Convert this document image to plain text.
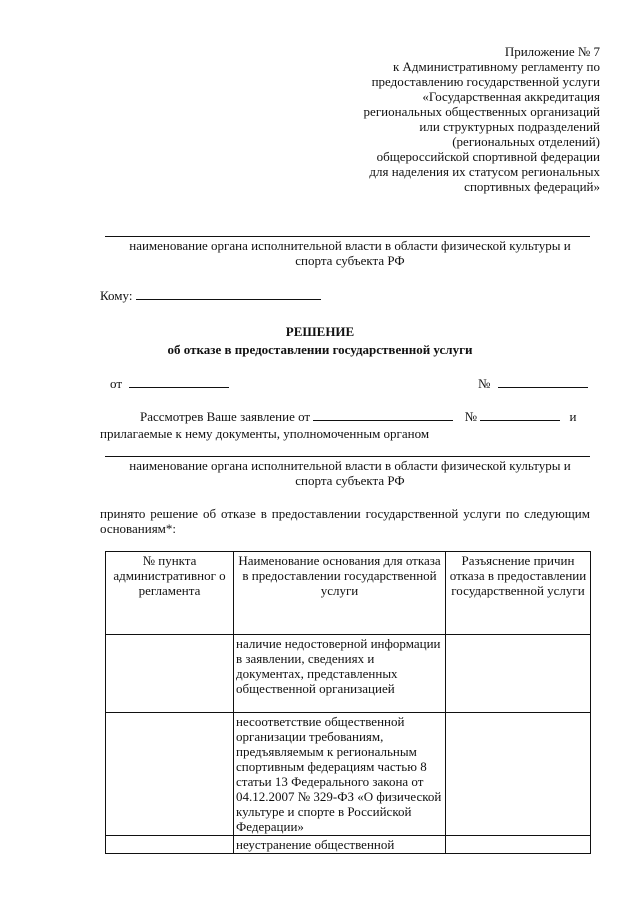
Приложение № 7
к Административному регламенту по
предоставлению государственной услуги
«Государственная аккредитация
региональных общественных организаций
или структурных подразделений
(региональных отделений)
общероссийской спортивной федерации
для наделения их статусом региональных
спортивных федераций»
наименование органа исполнительной власти в области физической культуры и
спорта субъекта РФ
Кому:
РЕШЕНИЕ
об отказе в предоставлении государственной услуги
от	№
Рассмотрев Ваше заявление от	№	и
прилагаемые к нему документы, уполномоченным органом
наименование органа исполнительной власти в области физической культуры и
спорта субъекта РФ
принято решение об отказе в предоставлении государственной услуги по следующим основаниям*:
№ пункта административног о регламента	Наименование основания для отказа в предоставлении государственной услуги	Разъяснение причин отказа в предоставлении государственной услуги
	наличие недостоверной информации в заявлении, сведениях и документах, представленных общественной организацией	
	несоответствие общественной организации требованиям, предъявляемым к региональным спортивным федерациям частью 8 статьи 13 Федерального закона от 04.12.2007 № 329-ФЗ «О физической культуре и спорте в Российской Федерации»	
	неустранение общественной	
